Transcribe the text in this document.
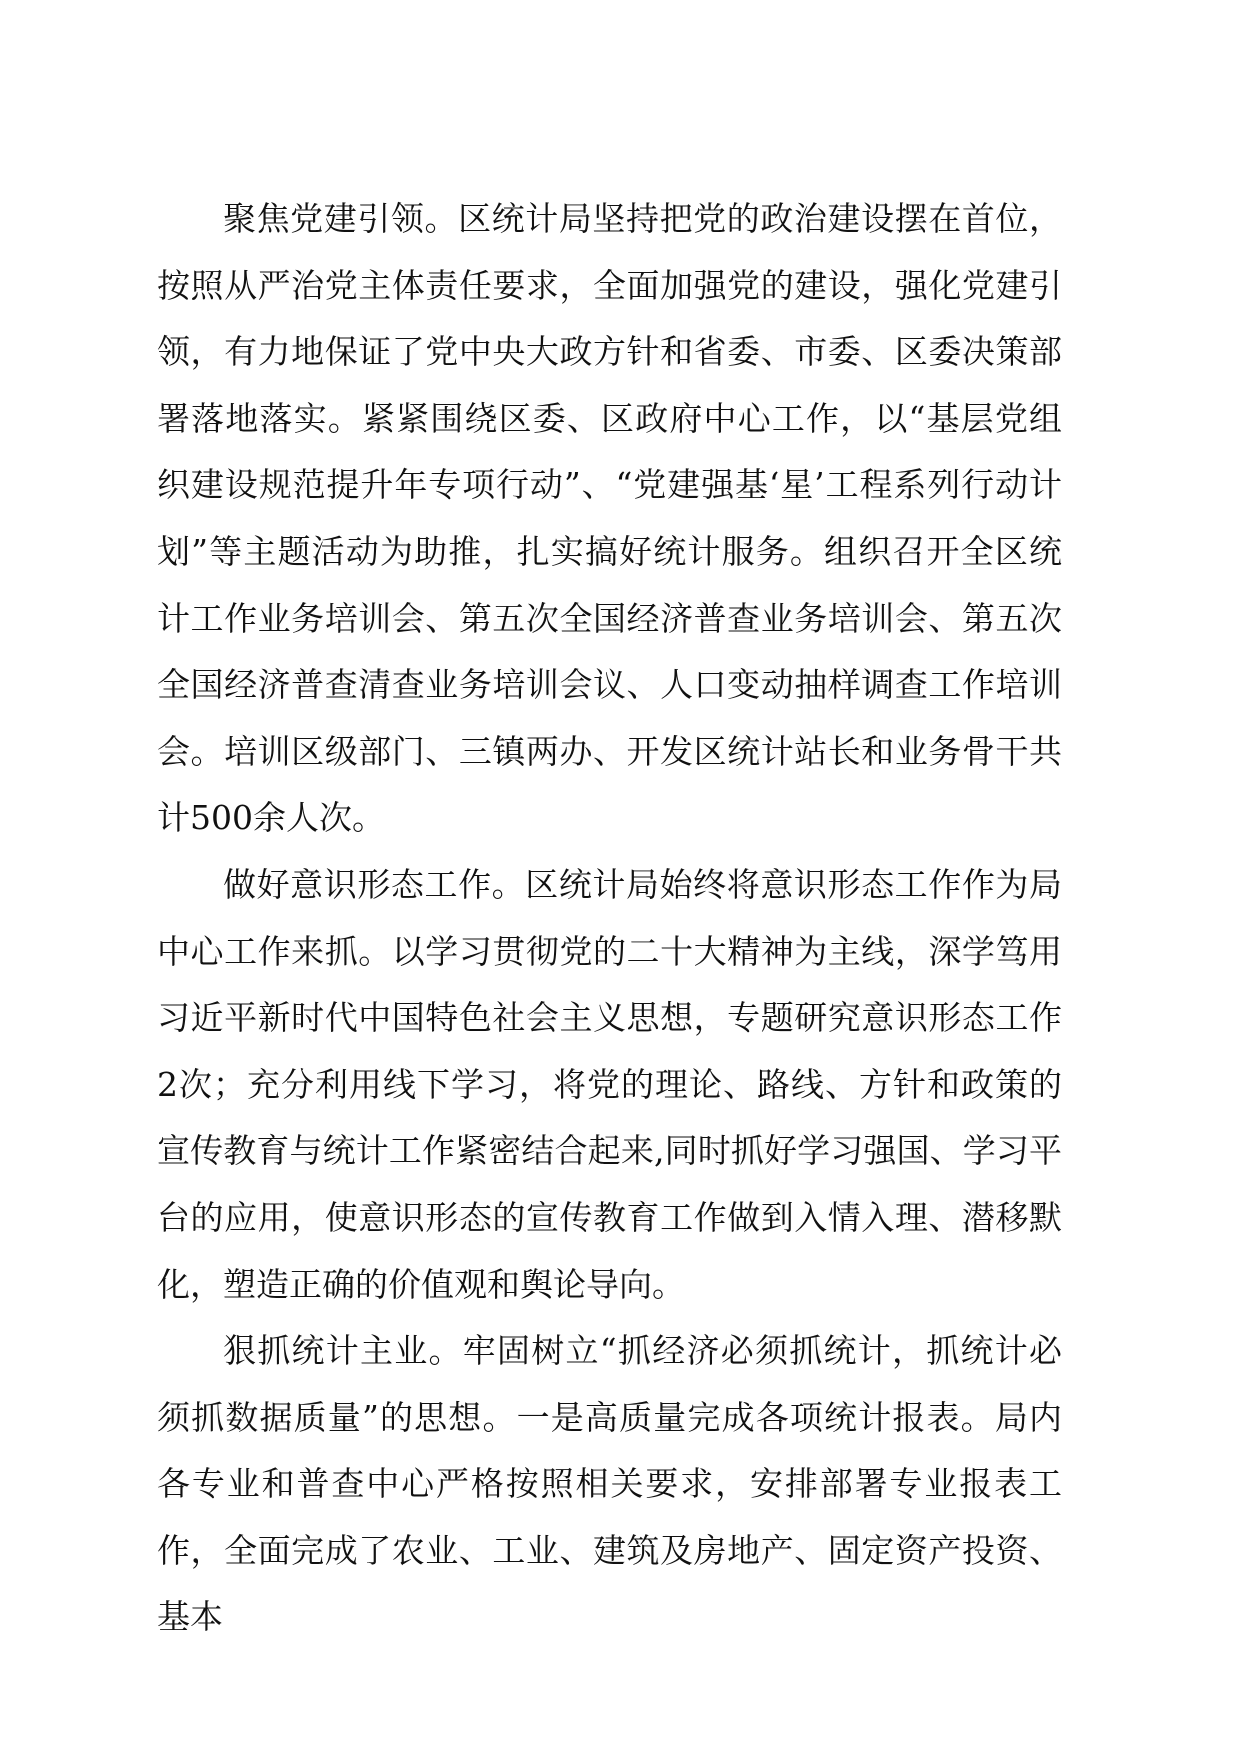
聚焦党建引领。区统计局坚持把党的政治建设摆在首位，按照从严治党主体责任要求，全面加强党的建设，强化党建引领，有力地保证了党中央大政方针和省委、市委、区委决策部署落地落实。紧紧围绕区委、区政府中心工作，以“基层党组织建设规范提升年专项行动”、“党建强基‘星’工程系列行动计划”等主题活动为助推，扎实搞好统计服务。组织召开全区统计工作业务培训会、第五次全国经济普查业务培训会、第五次全国经济普查清查业务培训会议、人口变动抽样调查工作培训会。培训区级部门、三镇两办、开发区统计站长和业务骨干共计500余人次。

做好意识形态工作。区统计局始终将意识形态工作作为局中心工作来抓。以学习贯彻党的二十大精神为主线，深学笃用习近平新时代中国特色社会主义思想，专题研究意识形态工作2次；充分利用线下学习，将党的理论、路线、方针和政策的宣传教育与统计工作紧密结合起来,同时抓好学习强国、学习平台的应用，使意识形态的宣传教育工作做到入情入理、潜移默化，塑造正确的价值观和舆论导向。

狠抓统计主业。牢固树立“抓经济必须抓统计，抓统计必须抓数据质量”的思想。一是高质量完成各项统计报表。局内各专业和普查中心严格按照相关要求，安排部署专业报表工作，全面完成了农业、工业、建筑及房地产、固定资产投资、基本
